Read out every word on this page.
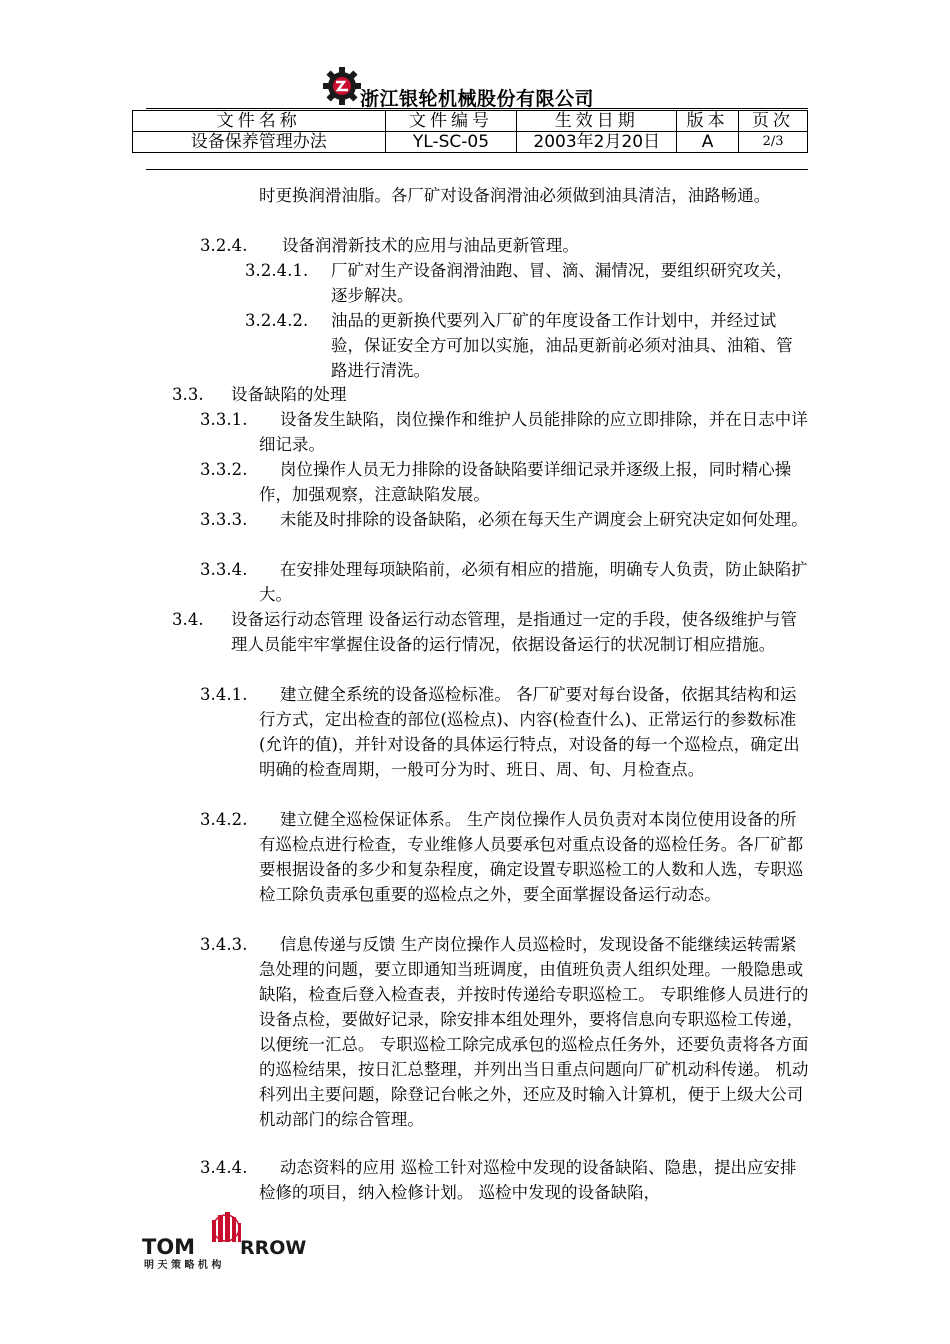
浙江银轮机械股份有限公司
文件名称	文件编号	生效日期	版本	页次
设备保养管理办法	YL-SC-05	2003年2月20日	A	2/3
时更换润滑油脂。各厂矿对设备润滑油必须做到油具清洁，油路畅通。
3.2.4. 设备润滑新技术的应用与油品更新管理。
3.2.4.1. 厂矿对生产设备润滑油跑、冒、滴、漏情况，要组织研究攻关，逐步解决。
3.2.4.2. 油品的更新换代要列入厂矿的年度设备工作计划中，并经过试验，保证安全方可加以实施，油品更新前必须对油具、油箱、管路进行清洗。
3.3. 设备缺陷的处理
3.3.1.	设备发生缺陷，岗位操作和维护人员能排除的应立即排除，并在日志中详细记录。
3.3.2.	岗位操作人员无力排除的设备缺陷要详细记录并逐级上报，同时精心操作，加强观察，注意缺陷发展。
3.3.3.	未能及时排除的设备缺陷，必须在每天生产调度会上研究决定如何处理。
3.3.4.	在安排处理每项缺陷前，必须有相应的措施，明确专人负责，防止缺陷扩大。
3.4. 设备运行动态管理 设备运行动态管理，是指通过一定的手段，使各级维护与管理人员能牢牢掌握住设备的运行情况，依据设备运行的状况制订相应措施。
3.4.1.	建立健全系统的设备巡检标准。 各厂矿要对每台设备，依据其结构和运行方式，定出检查的部位(巡检点)、内容(检查什么)、正常运行的参数标准(允许的值)，并针对设备的具体运行特点，对设备的每一个巡检点，确定出明确的检查周期，一般可分为时、班日、周、旬、月检查点。
3.4.2.	建立健全巡检保证体系。 生产岗位操作人员负责对本岗位使用设备的所有巡检点进行检查，专业维修人员要承包对重点设备的巡检任务。各厂矿都要根据设备的多少和复杂程度，确定设置专职巡检工的人数和人选，专职巡检工除负责承包重要的巡检点之外，要全面掌握设备运行动态。
3.4.3.	信息传递与反馈 生产岗位操作人员巡检时，发现设备不能继续运转需紧急处理的问题，要立即通知当班调度，由值班负责人组织处理。一般隐患或缺陷，检查后登入检查表，并按时传递给专职巡检工。 专职维修人员进行的设备点检，要做好记录，除安排本组处理外，要将信息向专职巡检工传递，以便统一汇总。 专职巡检工除完成承包的巡检点任务外，还要负责将各方面的巡检结果，按日汇总整理，并列出当日重点问题向厂矿机动科传递。 机动科列出主要问题，除登记台帐之外，还应及时输入计算机，便于上级大公司机动部门的综合管理。
3.4.4.	动态资料的应用 巡检工针对巡检中发现的设备缺陷、隐患，提出应安排检修的项目，纳入检修计划。 巡检中发现的设备缺陷，
TOM RROW
明 天 策 略 机 构
